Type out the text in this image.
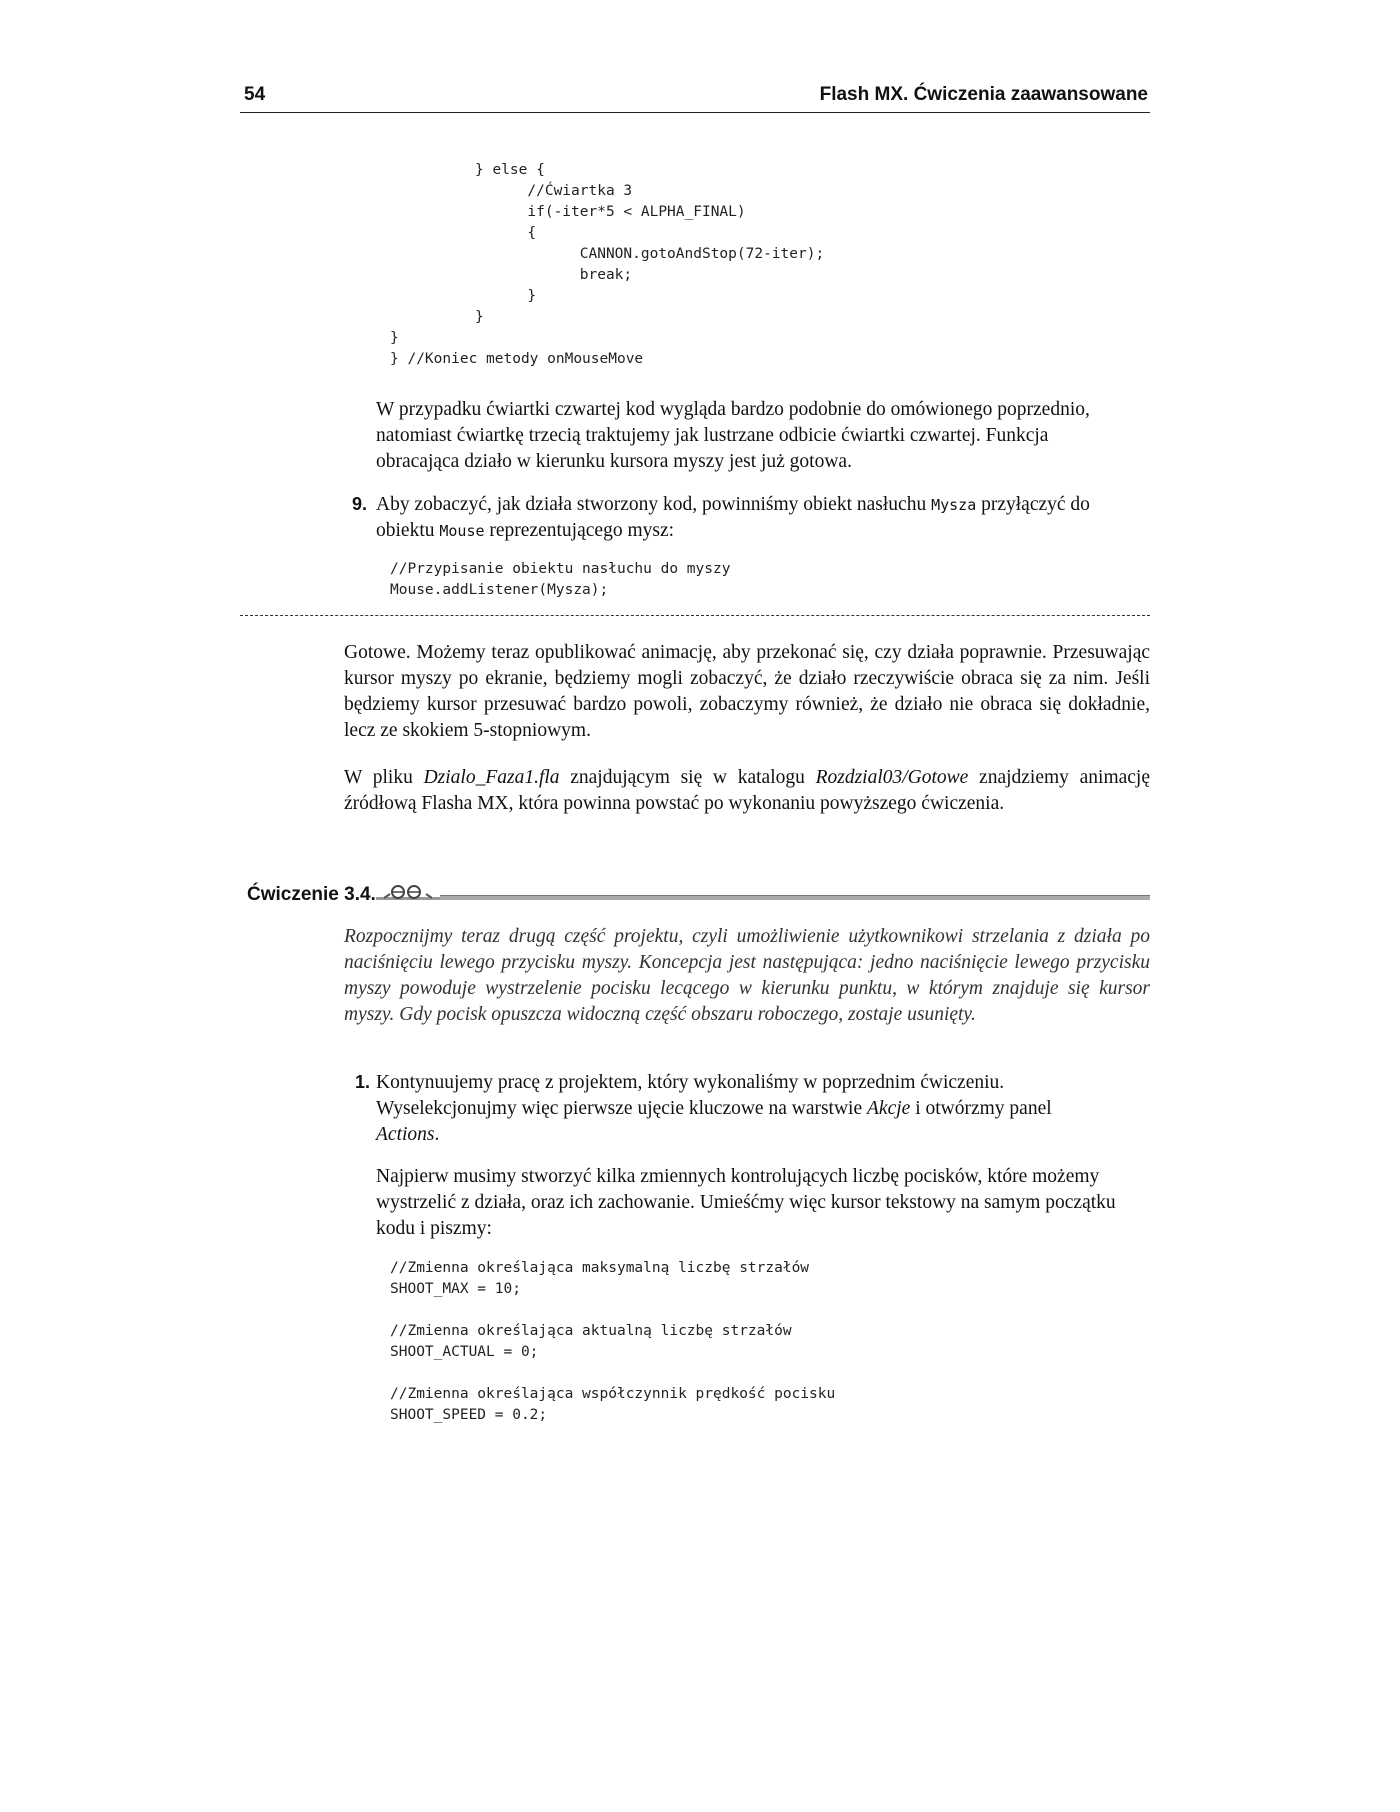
54	Flash MX. Ćwiczenia zaawansowane
} else {
//Ćwiartka 3
if(-iter*5 < ALPHA_FINAL)
{
CANNON.gotoAndStop(72-iter);
break;
}
}
}
} //Koniec metody onMouseMove

W przypadku ćwiartki czwartej kod wygląda bardzo podobnie do omówionego poprzednio, natomiast ćwiartkę trzecią traktujemy jak lustrzane odbicie ćwiartki czwartej. Funkcja obracająca działo w kierunku kursora myszy jest już gotowa.

9. Aby zobaczyć, jak działa stworzony kod, powinniśmy obiekt nasłuchu Mysza przyłączyć do obiektu Mouse reprezentującego mysz:

//Przypisanie obiektu nasłuchu do myszy
Mouse.addListener(Mysza);

Gotowe. Możemy teraz opublikować animację, aby przekonać się, czy działa poprawnie. Przesuwając kursor myszy po ekranie, będziemy mogli zobaczyć, że działo rzeczywiście obraca się za nim. Jeśli będziemy kursor przesuwać bardzo powoli, zobaczymy również, że działo nie obraca się dokładnie, lecz ze skokiem 5-stopniowym.

W pliku Dzialo_Faza1.fla znajdującym się w katalogu Rozdzial03/Gotowe znajdziemy animację źródłową Flasha MX, która powinna powstać po wykonaniu powyższego ćwiczenia.

Ćwiczenie 3.4.

Rozpocznijmy teraz drugą część projektu, czyli umożliwienie użytkownikowi strzelania z działa po naciśnięciu lewego przycisku myszy. Koncepcja jest następująca: jedno naciśnięcie lewego przycisku myszy powoduje wystrzelenie pocisku lecącego w kierunku punktu, w którym znajduje się kursor myszy. Gdy pocisk opuszcza widoczną część obszaru roboczego, zostaje usunięty.

1. Kontynuujemy pracę z projektem, który wykonaliśmy w poprzednim ćwiczeniu. Wyselekcjonujmy więc pierwsze ujęcie kluczowe na warstwie Akcje i otwórzmy panel Actions.

Najpierw musimy stworzyć kilka zmiennych kontrolujących liczbę pocisków, które możemy wystrzelić z działa, oraz ich zachowanie. Umieśćmy więc kursor tekstowy na samym początku kodu i piszmy:

//Zmienna określająca maksymalną liczbę strzałów
SHOOT_MAX = 10;

//Zmienna określająca aktualną liczbę strzałów
SHOOT_ACTUAL = 0;

//Zmienna określająca współczynnik prędkość pocisku
SHOOT_SPEED = 0.2;
